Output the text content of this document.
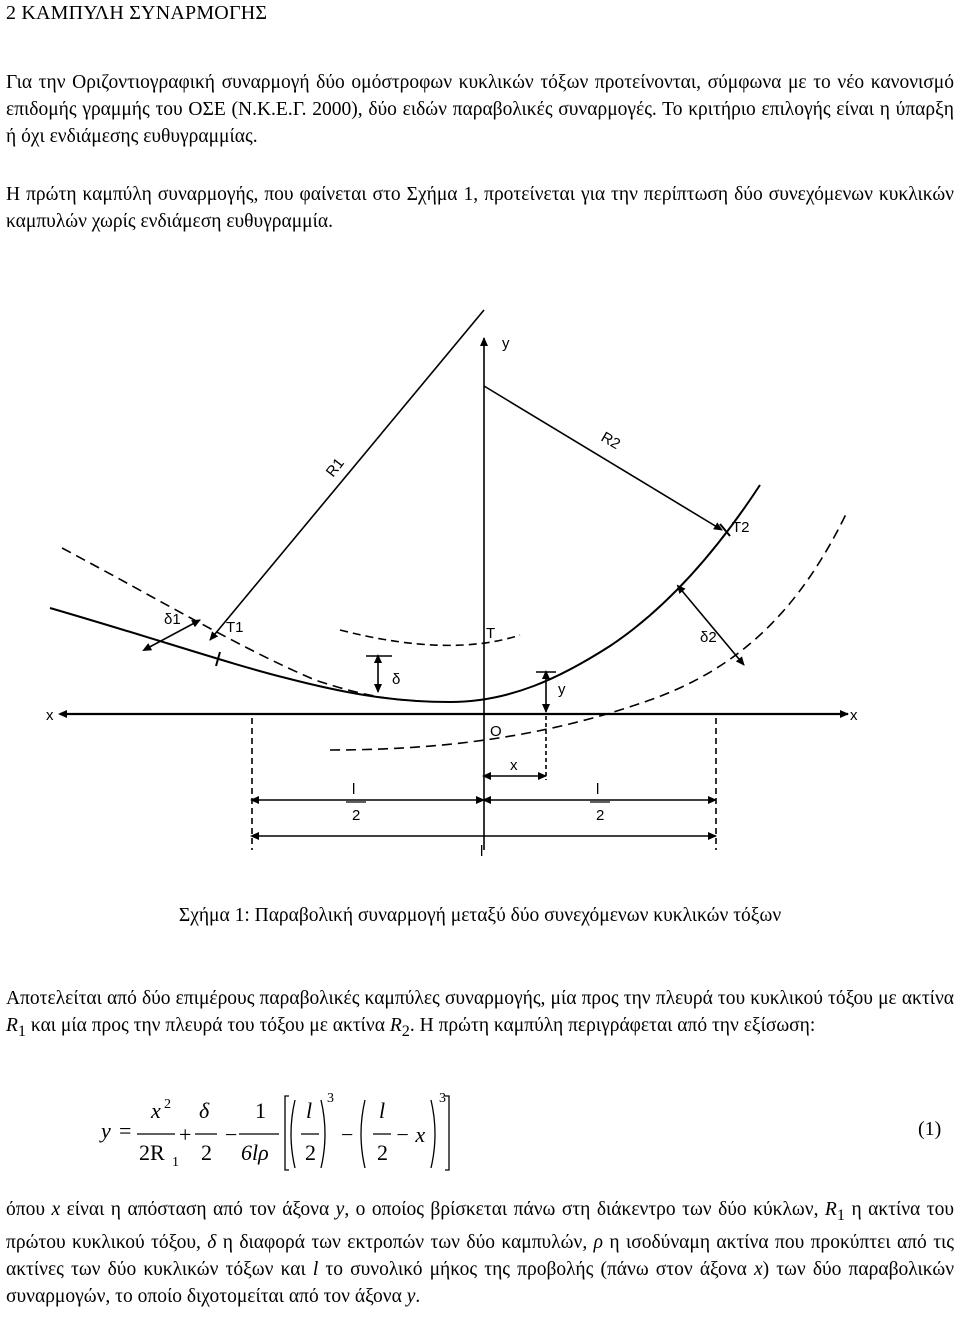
2 ΚΑΜΠΥΛΗ ΣΥΝΑΡΜΟΓΗΣ
Για την Οριζοντιογραφική συναρμογή δύο ομόστροφων κυκλικών τόξων προτείνονται, σύμφωνα με το νέο κανονισμό επιδομής γραμμής του ΟΣΕ (Ν.Κ.Ε.Γ. 2000), δύο ειδών παραβολικές συναρμογές. Το κριτήριο επιλογής είναι η ύπαρξη ή όχι ενδιάμεσης ευθυγραμμίας.
Η πρώτη καμπύλη συναρμογής, που φαίνεται στο Σχήμα 1, προτείνεται για την περίπτωση δύο συνεχόμενων κυκλικών καμπυλών χωρίς ενδιάμεση ευθυγραμμία.
y
x	x
R1
R2
T1
T2
T
δ
δ1
δ2
O
y
x
l
2
l
2
l
Σχήμα 1: Παραβολική συναρμογή μεταξύ δύο συνεχόμενων κυκλικών τόξων
Αποτελείται από δύο επιμέρους παραβολικές καμπύλες συναρμογής, μία προς την πλευρά του κυκλικού τόξου με ακτίνα $R_1$ και μία προς την πλευρά του τόξου με ακτίνα $R_2$. Η πρώτη καμπύλη περιγράφεται από την εξίσωση:
y =
x 2
2R 1
+
δ
2
−
1
6lρ
l
2
3
−
l
2
− x
3
(1)
όπου x είναι η απόσταση από τον άξονα y, ο οποίος βρίσκεται πάνω στη διάκεντρο των δύο κύκλων, $R_1$ η ακτίνα του πρώτου κυκλικού τόξου, δ η διαφορά των εκτροπών των δύο καμπυλών, ρ η ισοδύναμη ακτίνα που προκύπτει από τις ακτίνες των δύο κυκλικών τόξων και l το συνολικό μήκος της προβολής (πάνω στον άξονα x) των δύο παραβολικών συναρμογών, το οποίο διχοτομείται από τον άξονα y.
